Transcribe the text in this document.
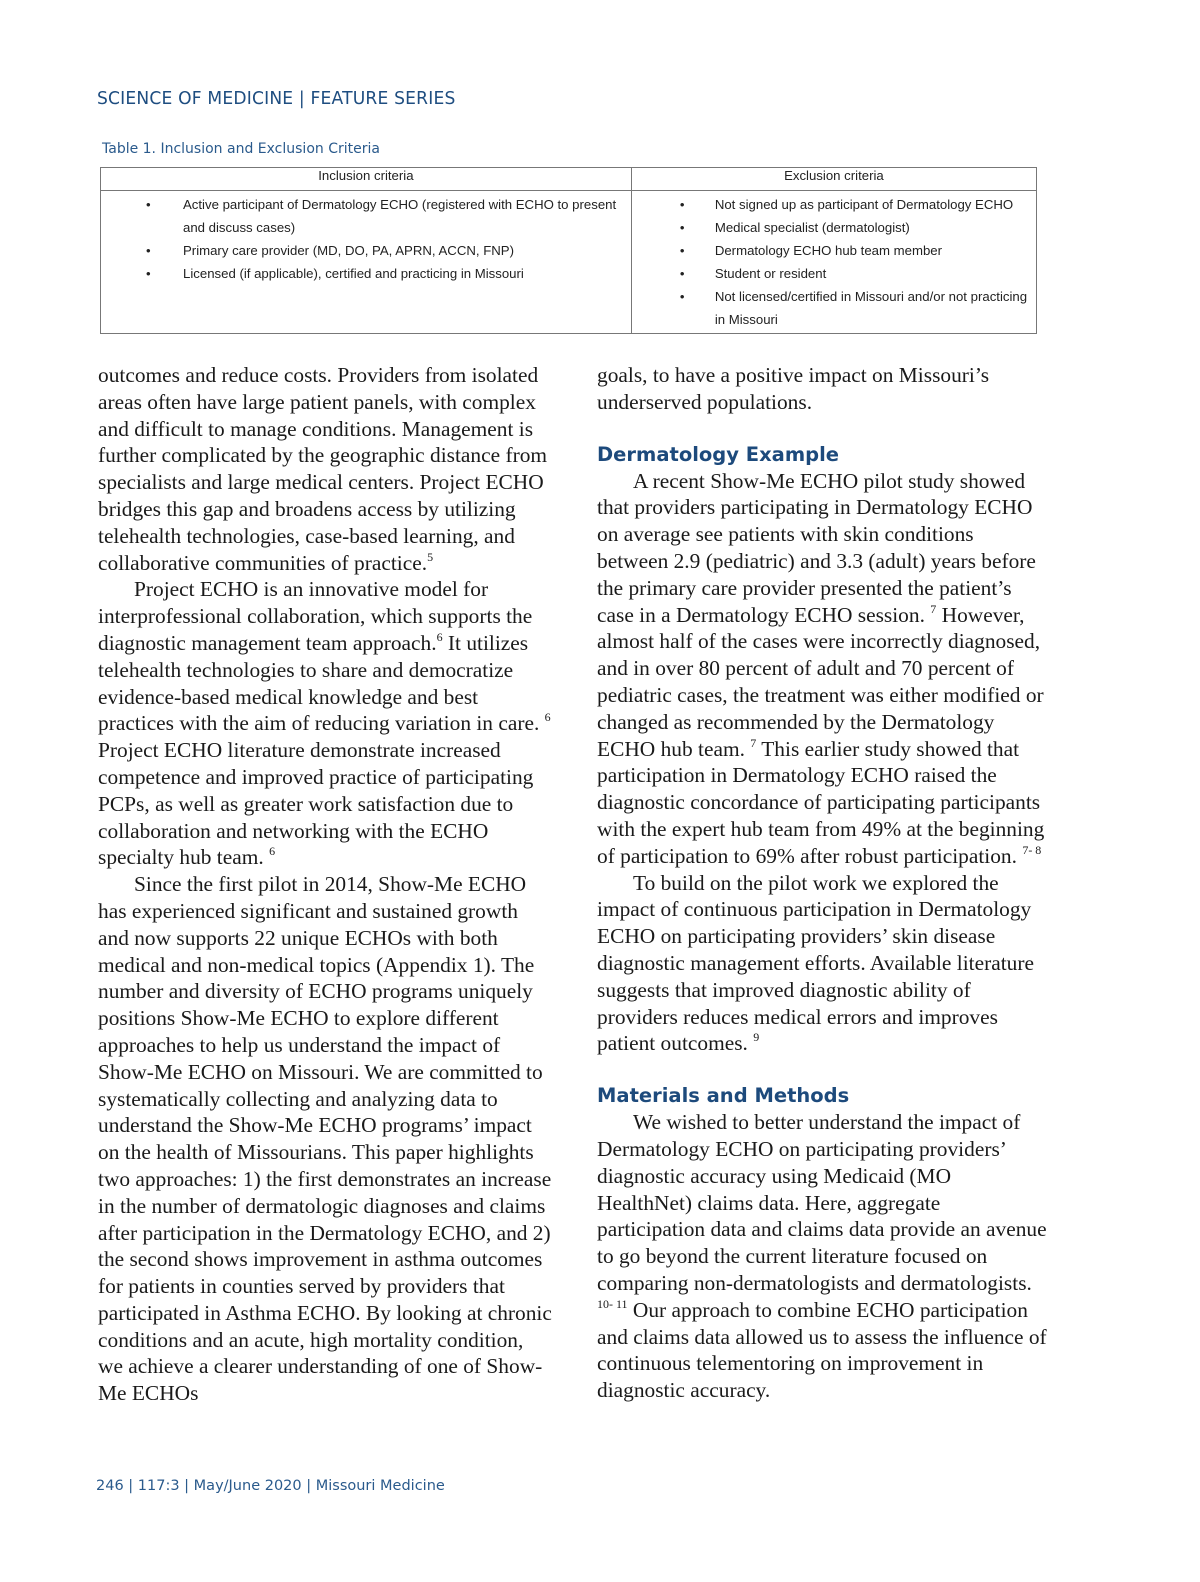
SCIENCE OF MEDICINE | FEATURE SERIES
Table 1. Inclusion and Exclusion Criteria
Inclusion criteria	Exclusion criteria

• Active participant of Dermatology ECHO (registered with ECHO to present and discuss cases)
• Primary care provider (MD, DO, PA, APRN, ACCN, FNP)
• Licensed (if applicable), certified and practicing in Missouri

• Not signed up as participant of Dermatology ECHO
• Medical specialist (dermatologist)
• Dermatology ECHO hub team member
• Student or resident
• Not licensed/certified in Missouri and/or not practicing in Missouri

outcomes and reduce costs. Providers from isolated areas often have large patient panels, with complex and difficult to manage conditions. Management is further complicated by the geographic distance from specialists and large medical centers. Project ECHO bridges this gap and broadens access by utilizing telehealth technologies, case-based learning, and collaborative communities of practice.$^5$

Project ECHO is an innovative model for interprofessional collaboration, which supports the diagnostic management team approach.$^6$ It utilizes telehealth technologies to share and democratize evidence-based medical knowledge and best practices with the aim of reducing variation in care. $^6$ Project ECHO literature demonstrate increased competence and improved practice of participating PCPs, as well as greater work satisfaction due to collaboration and networking with the ECHO specialty hub team. $^6$

Since the first pilot in 2014, Show-Me ECHO has experienced significant and sustained growth and now supports 22 unique ECHOs with both medical and non-medical topics (Appendix 1). The number and diversity of ECHO programs uniquely positions Show-Me ECHO to explore different approaches to help us understand the impact of Show-Me ECHO on Missouri. We are committed to systematically collecting and analyzing data to understand the Show-Me ECHO programs’ impact on the health of Missourians. This paper highlights two approaches: 1) the first demonstrates an increase in the number of dermatologic diagnoses and claims after participation in the Dermatology ECHO, and 2) the second shows improvement in asthma outcomes for patients in counties served by providers that participated in Asthma ECHO. By looking at chronic conditions and an acute, high mortality condition, we achieve a clearer understanding of one of Show-Me ECHOs

goals, to have a positive impact on Missouri’s underserved populations.

Dermatology Example

A recent Show-Me ECHO pilot study showed that providers participating in Dermatology ECHO on average see patients with skin conditions between 2.9 (pediatric) and 3.3 (adult) years before the primary care provider presented the patient’s case in a Dermatology ECHO session. $^7$ However, almost half of the cases were incorrectly diagnosed, and in over 80 percent of adult and 70 percent of pediatric cases, the treatment was either modified or changed as recommended by the Dermatology ECHO hub team. $^7$ This earlier study showed that participation in Dermatology ECHO raised the diagnostic concordance of participating participants with the expert hub team from 49% at the beginning of participation to 69% after robust participation. $^{7- 8}$

To build on the pilot work we explored the impact of continuous participation in Dermatology ECHO on participating providers’ skin disease diagnostic management efforts. Available literature suggests that improved diagnostic ability of providers reduces medical errors and improves patient outcomes. $^9$

Materials and Methods

We wished to better understand the impact of Dermatology ECHO on participating providers’ diagnostic accuracy using Medicaid (MO HealthNet) claims data. Here, aggregate participation data and claims data provide an avenue to go beyond the current literature focused on comparing non-dermatologists and dermatologists. $^{10- 11}$ Our approach to combine ECHO participation and claims data allowed us to assess the influence of continuous telementoring on improvement in diagnostic accuracy.

246 | 117:3 | May/June 2020 | Missouri Medicine
